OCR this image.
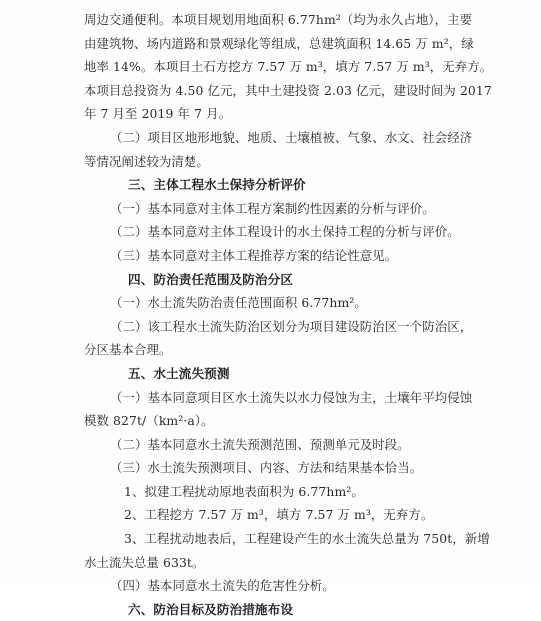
周边交通便利。本项目规划用地面积 6.77hm²（均为永久占地），主要
由建筑物、场内道路和景观绿化等组成，总建筑面积 14.65 万 m²，绿
地率 14%。本项目土石方挖方 7.57 万 m³，填方 7.57 万 m³，无弃方。
本项目总投资为 4.50 亿元，其中土建投资 2.03 亿元，建设时间为 2017
年 7 月至 2019 年 7 月。
（二）项目区地形地貌、地质、土壤植被、气象、水文、社会经济
等情况阐述较为清楚。
三、主体工程水土保持分析评价
（一）基本同意对主体工程方案制约性因素的分析与评价。
（二）基本同意对主体工程设计的水土保持工程的分析与评价。
（三）基本同意对主体工程推荐方案的结论性意见。
四、防治责任范围及防治分区
（一）水土流失防治责任范围面积 6.77hm²。
（二）该工程水土流失防治区划分为项目建设防治区一个防治区，
分区基本合理。
五、水土流失预测
（一）基本同意项目区水土流失以水力侵蚀为主，土壤年平均侵蚀
模数 827t/（km²·a）。
（二）基本同意水土流失预测范围、预测单元及时段。
（三）水土流失预测项目、内容、方法和结果基本恰当。
1、拟建工程扰动原地表面积为 6.77hm²。
2、工程挖方 7.57 万 m³，填方 7.57 万 m³，无弃方。
3、工程扰动地表后，工程建设产生的水土流失总量为 750t，新增
水土流失总量 633t。
（四）基本同意水土流失的危害性分析。
六、防治目标及防治措施布设
